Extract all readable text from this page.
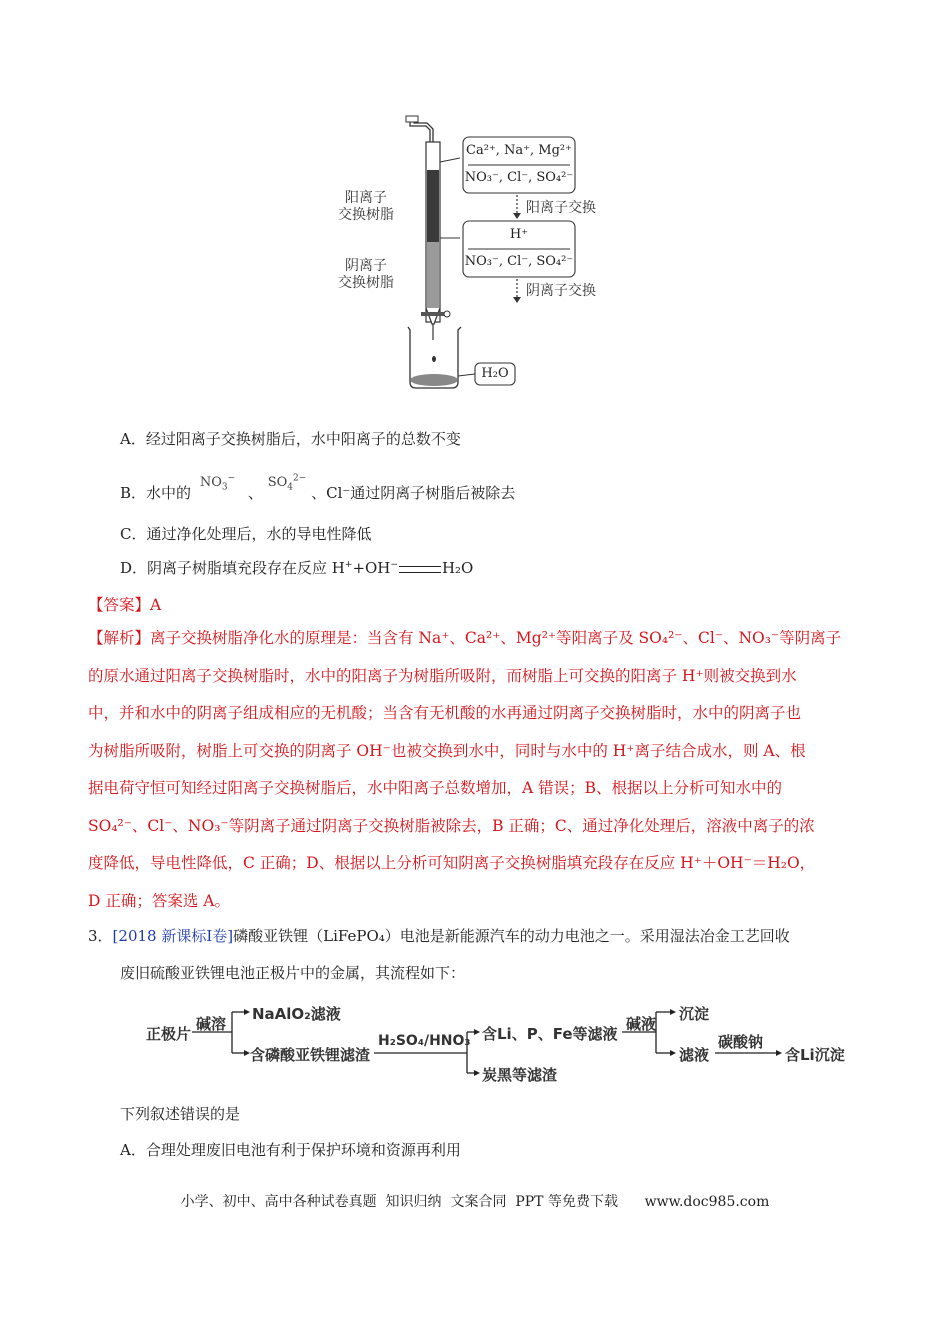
阳离子
交换树脂
阴离子
交换树脂
Ca²⁺, Na⁺, Mg²⁺
NO₃⁻, Cl⁻, SO₄²⁻
阳离子交换
H⁺
NO₃⁻, Cl⁻, SO₄²⁻
阴离子交换
H₂O
A．经过阳离子交换树脂后，水中阳离子的总数不变
B．水中的 $NO_3^-$ 、 $SO_4^{2-}$ 、Cl⁻通过阴离子树脂后被除去
C．通过净化处理后，水的导电性降低
D．阴离子树脂填充段存在反应 H++OH−	H₂O
【答案】A
【解析】离子交换树脂净化水的原理是：当含有 Na⁺、Ca²⁺、Mg²⁺等阳离子及 SO₄²⁻、Cl⁻、NO₃⁻等阴离子
的原水通过阳离子交换树脂时，水中的阳离子为树脂所吸附，而树脂上可交换的阳离子 H⁺则被交换到水
中，并和水中的阴离子组成相应的无机酸；当含有无机酸的水再通过阴离子交换树脂时，水中的阴离子也
为树脂所吸附，树脂上可交换的阴离子 OH⁻也被交换到水中，同时与水中的 H⁺离子结合成水，则 A、根
据电荷守恒可知经过阳离子交换树脂后，水中阳离子总数增加，A 错误；B、根据以上分析可知水中的
SO₄²⁻、Cl⁻、NO₃⁻等阴离子通过阴离子交换树脂被除去，B 正确；C、通过净化处理后，溶液中离子的浓
度降低，导电性降低，C 正确；D、根据以上分析可知阴离子交换树脂填充段存在反应 H⁺＋OH⁻＝H₂O，
D 正确；答案选 A。
3．[2018 新课标Ⅰ卷]磷酸亚铁锂（LiFePO₄）电池是新能源汽车的动力电池之一。采用湿法冶金工艺回收
废旧硫酸亚铁锂电池正极片中的金属，其流程如下：
正极片
碱溶
NaAlO₂滤液
含磷酸亚铁锂滤渣
H₂SO₄/HNO₃ 含Li、P、Fe等滤液
炭黑等滤渣
碱液
沉淀
滤液
碳酸钠
含Li沉淀
下列叙述错误的是
A．合理处理废旧电池有利于保护环境和资源再利用
小学、初中、高中各种试卷真题  知识归纳  文案合同  PPT 等免费下载      www.doc985.com
